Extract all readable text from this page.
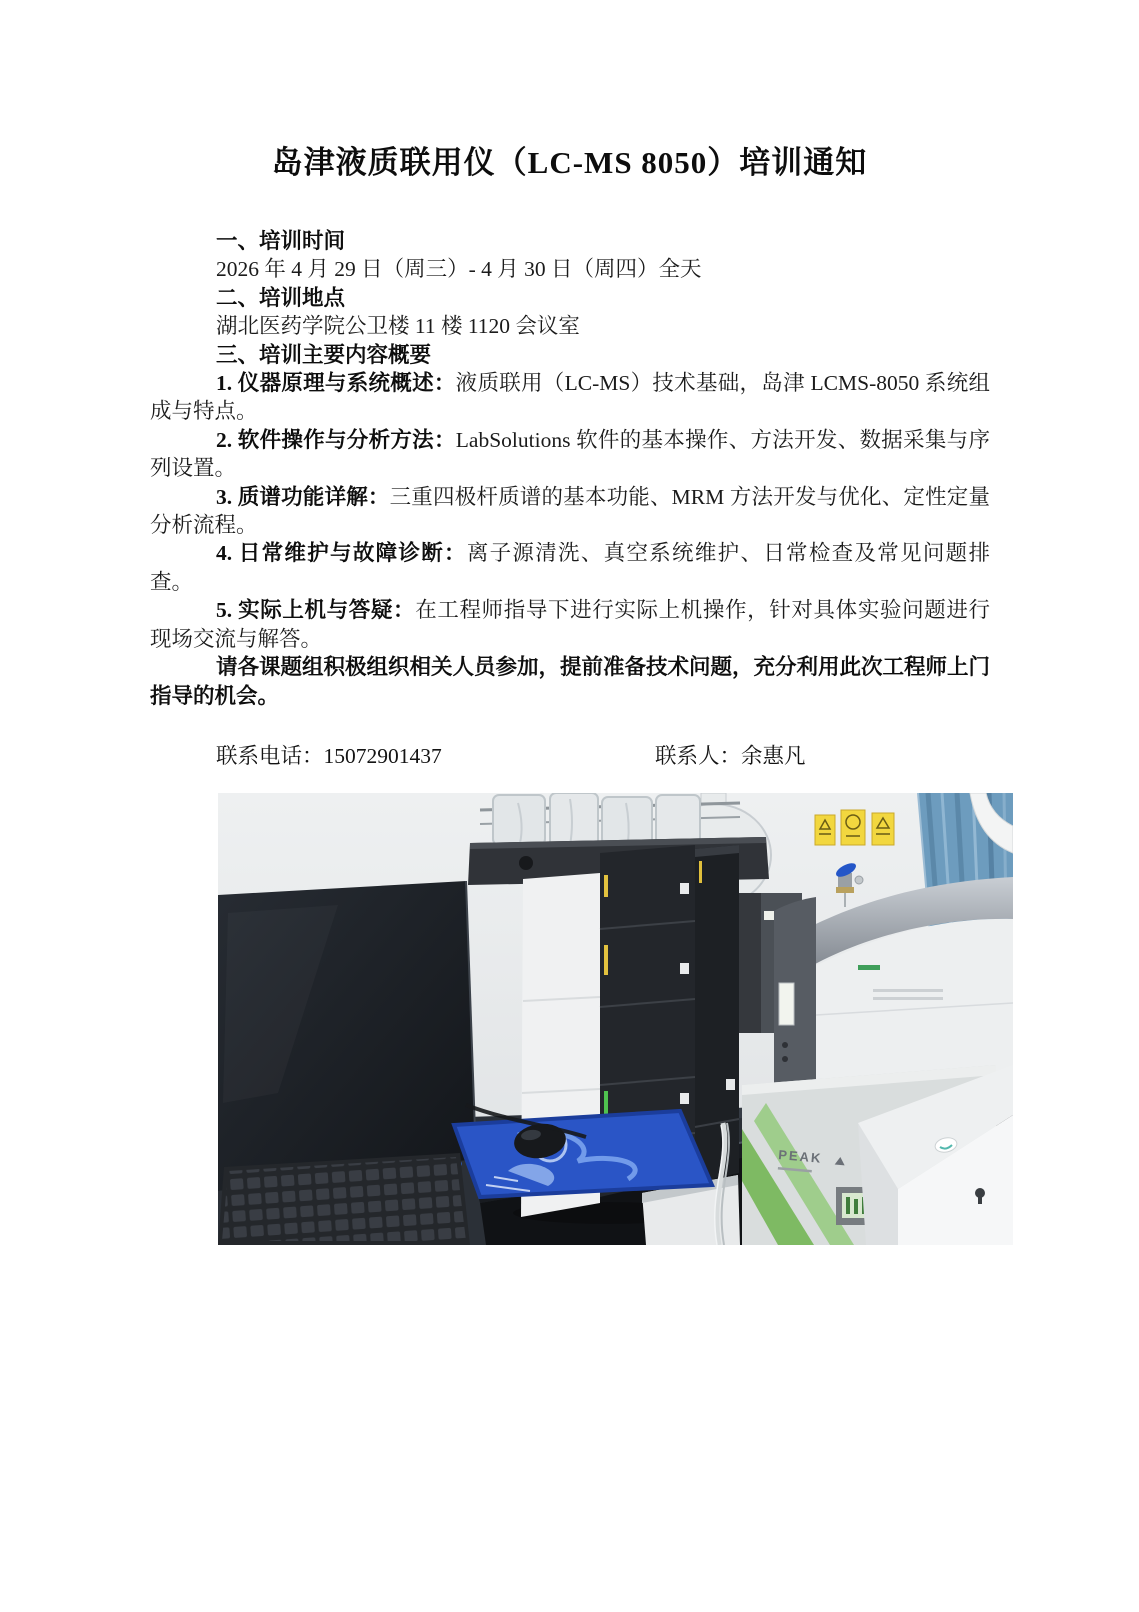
岛津液质联用仪（LC-MS 8050）培训通知

一、培训时间

2026 年 4 月 29 日（周三）- 4 月 30 日（周四）全天

二、培训地点

湖北医药学院公卫楼 11 楼 1120 会议室

三、培训主要内容概要

1. 仪器原理与系统概述：液质联用（LC-MS）技术基础，岛津 LCMS-8050 系统组成与特点。

2. 软件操作与分析方法：LabSolutions 软件的基本操作、方法开发、数据采集与序列设置。

3. 质谱功能详解：三重四极杆质谱的基本功能、MRM 方法开发与优化、定性定量分析流程。

4. 日常维护与故障诊断：离子源清洗、真空系统维护、日常检查及常见问题排查。

5. 实际上机与答疑：在工程师指导下进行实际上机操作，针对具体实验问题进行现场交流与解答。

请各课题组积极组织相关人员参加，提前准备技术问题，充分利用此次工程师上门指导的机会。

联系电话：15072901437	联系人：余惠凡
PEAK
